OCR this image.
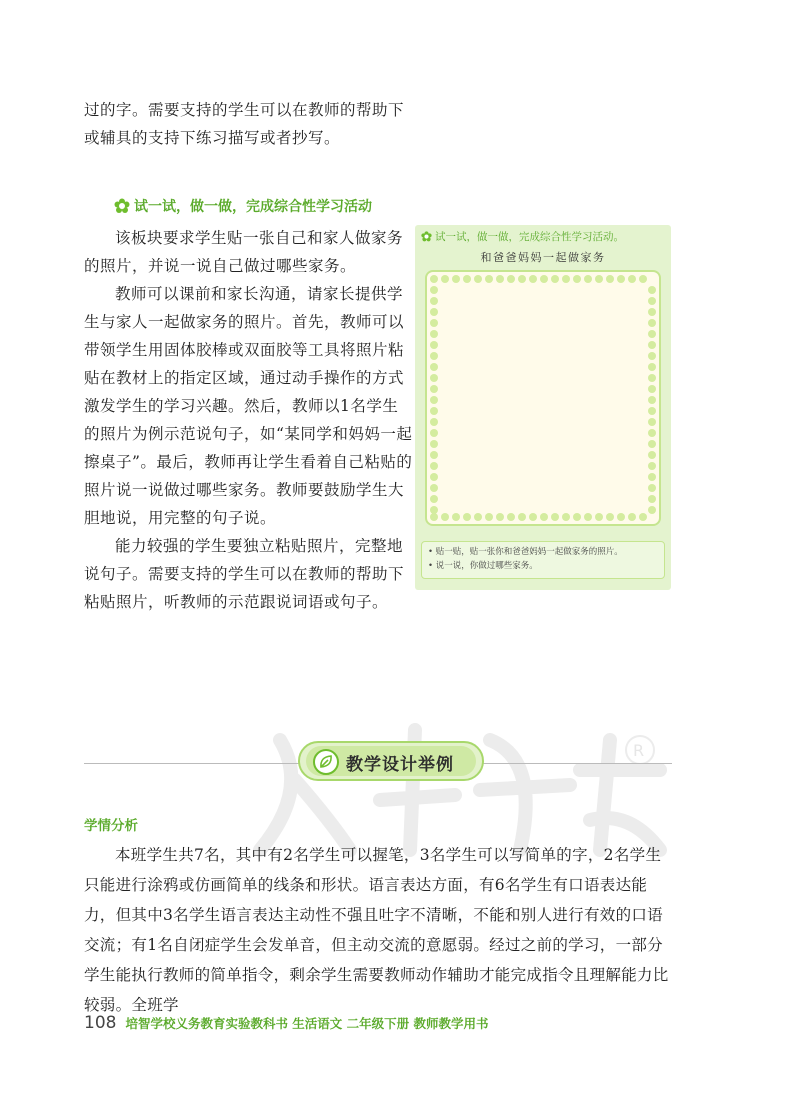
过的字。需要支持的学生可以在教师的帮助下或辅具的支持下练习描写或者抄写。
试一试，做一做，完成综合性学习活动

该板块要求学生贴一张自己和家人做家务的照片，并说一说自己做过哪些家务。

教师可以课前和家长沟通，请家长提供学生与家人一起做家务的照片。首先，教师可以带领学生用固体胶棒或双面胶等工具将照片粘贴在教材上的指定区域，通过动手操作的方式激发学生的学习兴趣。然后，教师以1名学生的照片为例示范说句子，如“某同学和妈妈一起擦桌子”。最后，教师再让学生看着自己粘贴的照片说一说做过哪些家务。教师要鼓励学生大胆地说，用完整的句子说。

能力较强的学生要独立粘贴照片，完整地说句子。需要支持的学生可以在教师的帮助下粘贴照片，听教师的示范跟说词语或句子。

试一试，做一做，完成综合性学习活动。
和爸爸妈妈一起做家务
• 贴一贴，贴一张你和爸爸妈妈一起做家务的照片。
• 说一说，你做过哪些家务。
R
教学设计举例
学情分析

本班学生共7名，其中有2名学生可以握笔，3名学生可以写简单的字，2名学生只能进行涂鸦或仿画简单的线条和形状。语言表达方面，有6名学生有口语表达能力，但其中3名学生语言表达主动性不强且吐字不清晰，不能和别人进行有效的口语交流；有1名自闭症学生会发单音，但主动交流的意愿弱。经过之前的学习，一部分学生能执行教师的简单指令，剩余学生需要教师动作辅助才能完成指令且理解能力比较弱。全班学

108 培智学校义务教育实验教科书 生活语文 二年级下册 教师教学用书
